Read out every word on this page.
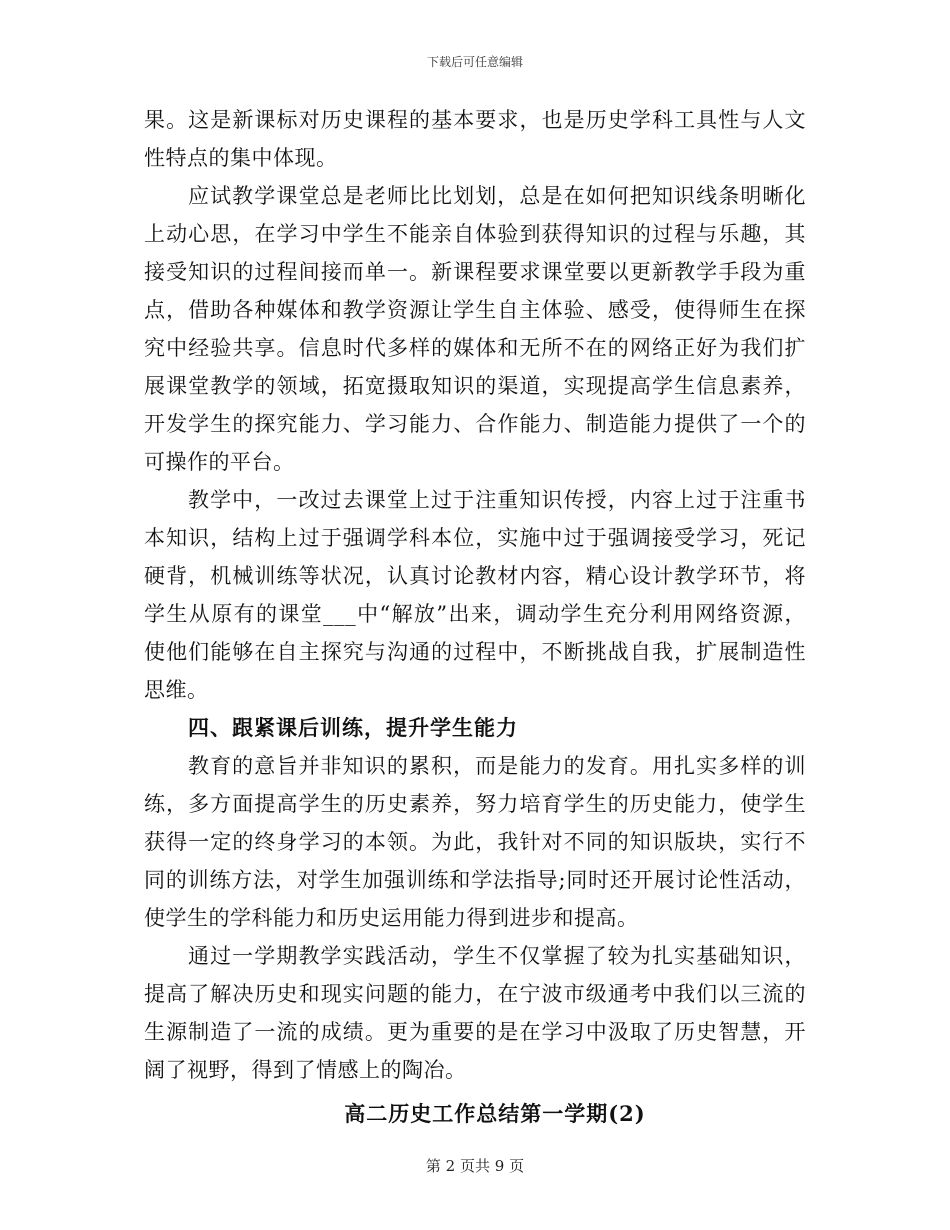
下载后可任意编辑
果。这是新课标对历史课程的基本要求，也是历史学科工具性与人文
性特点的集中体现。
应试教学课堂总是老师比比划划，总是在如何把知识线条明晰化
上动心思，在学习中学生不能亲自体验到获得知识的过程与乐趣，其
接受知识的过程间接而单一。新课程要求课堂要以更新教学手段为重
点，借助各种媒体和教学资源让学生自主体验、感受，使得师生在探
究中经验共享。信息时代多样的媒体和无所不在的网络正好为我们扩
展课堂教学的领域，拓宽摄取知识的渠道，实现提高学生信息素养，
开发学生的探究能力、学习能力、合作能力、制造能力提供了一个的
可操作的平台。
教学中，一改过去课堂上过于注重知识传授，内容上过于注重书
本知识，结构上过于强调学科本位，实施中过于强调接受学习，死记
硬背，机械训练等状况，认真讨论教材内容，精心设计教学环节，将
学生从原有的课堂___中“解放”出来，调动学生充分利用网络资源，
使他们能够在自主探究与沟通的过程中，不断挑战自我，扩展制造性
思维。
四、跟紧课后训练，提升学生能力
教育的意旨并非知识的累积，而是能力的发育。用扎实多样的训
练，多方面提高学生的历史素养，努力培育学生的历史能力，使学生
获得一定的终身学习的本领。为此，我针对不同的知识版块，实行不
同的训练方法，对学生加强训练和学法指导;同时还开展讨论性活动，
使学生的学科能力和历史运用能力得到进步和提高。
通过一学期教学实践活动，学生不仅掌握了较为扎实基础知识，
提高了解决历史和现实问题的能力，在宁波市级通考中我们以三流的
生源制造了一流的成绩。更为重要的是在学习中汲取了历史智慧，开
阔了视野，得到了情感上的陶冶。
高二历史工作总结第一学期(2)
第 2 页共 9 页
